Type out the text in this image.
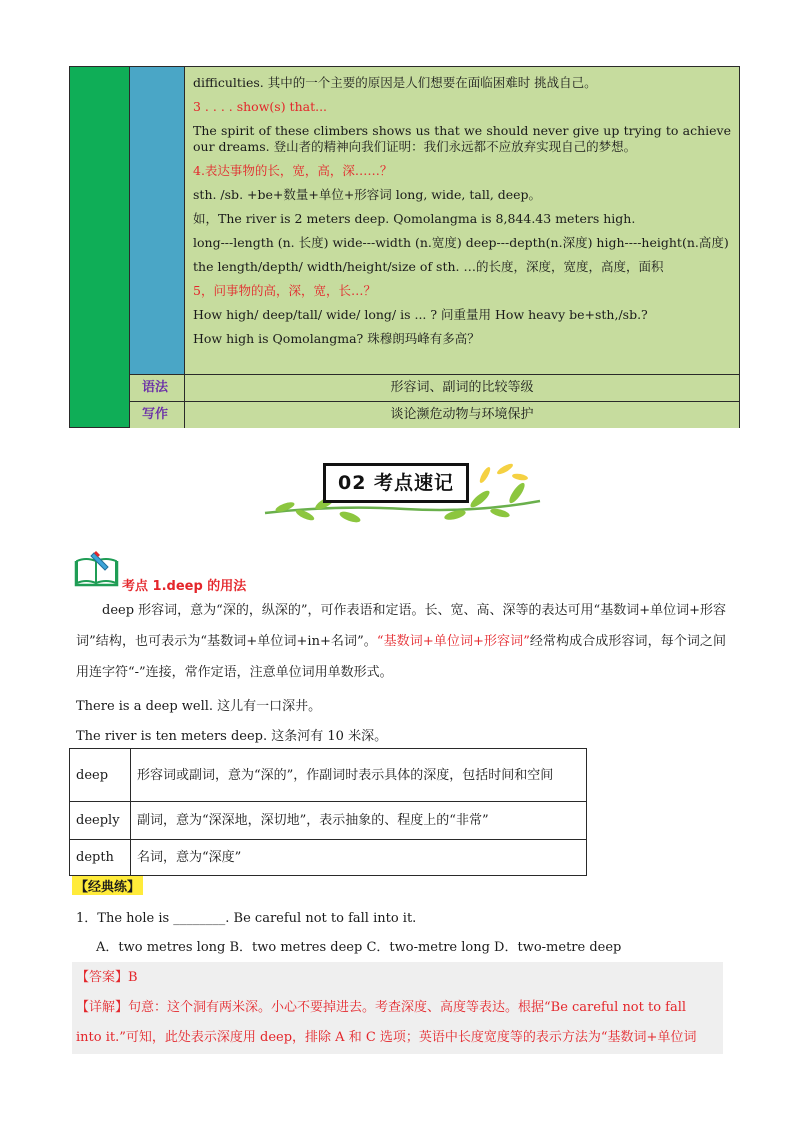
difficulties. 其中的一个主要的原因是人们想要在面临困难时 挑战自己。

3 . . . . show(s) that...

The spirit of these climbers shows us that we should never give up trying to achieve our dreams. 登山者的精神向我们证明：我们永远都不应放弃实现自己的梦想。

4.表达事物的长，宽，高，深……？

sth. /sb. +be+数量+单位+形容词 long, wide, tall, deep。

如，The river is 2 meters deep. Qomolangma is 8,844.43 meters high.

long---length (n. 长度) wide---width (n.宽度) deep---depth(n.深度) high----height(n.高度)

the length/depth/ width/height/size of sth. …的长度，深度，宽度，高度，面积

5，问事物的高，深，宽，长…？

How high/ deep/tall/ wide/ long/ is ... ? 问重量用 How heavy be+sth,/sb.?

How high is Qomolangma? 珠穆朗玛峰有多高？

语法	形容词、副词的比较等级
写作	谈论濒危动物与环境保护
02 考点速记
考点 1.deep 的用法
deep 形容词，意为“深的，纵深的”，可作表语和定语。长、宽、高、深等的表达可用“基数词+单位词+形容词”结构，也可表示为“基数词+单位词+in+名词”。“基数词+单位词+形容词”经常构成合成形容词，每个词之间用连字符“-”连接，常作定语，注意单位词用单数形式。
There is a deep well. 这儿有一口深井。
The river is ten meters deep. 这条河有 10 米深。
deep	形容词或副词，意为“深的”，作副词时表示具体的深度，包括时间和空间
deeply	副词，意为“深深地，深切地”，表示抽象的、程度上的“非常”
depth	名词，意为“深度”
【经典练】
1．The hole is ________. Be careful not to fall into it.
A．two metres long B．two metres deep C．two-metre long D．two-metre deep
【答案】B
【详解】句意：这个洞有两米深。小心不要掉进去。考查深度、高度等表达。根据“Be careful not to fall
into it.”可知，此处表示深度用 deep，排除 A 和 C 选项；英语中长度宽度等的表示方法为“基数词+单位词
